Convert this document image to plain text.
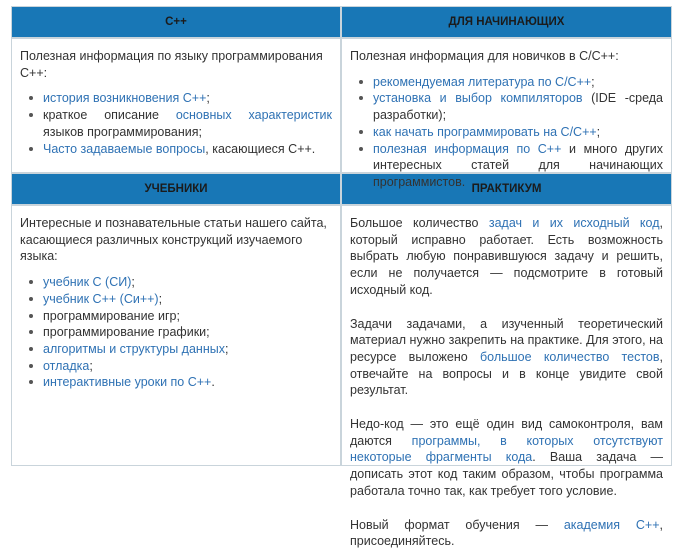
C++	ДЛЯ НАЧИНАЮЩИХ

Полезная информация по языку программирования C++:

история возникновения C++;
краткое описание основных характеристик языков программирования;
Часто задаваемые вопросы, касающиеся C++.

Полезная информация для новичков в C/C++:

рекомендуемая литература по C/C++;
установка и выбор компиляторов (IDE -среда разработки);
как начать программировать на C/C++;
полезная информация по C++ и много других интересных статей для начинающих программистов.
УЧЕБНИКИ	ПРАКТИКУМ

Интересные и познавательные статьи нашего сайта, касающиеся различных конструкций изучаемого языка:

учебник C (СИ);
учебник C++ (Си++);
программирование игр;
программирование графики;
алгоритмы и структуры данных;
отладка;
интерактивные уроки по C++.

Большое количество задач и их исходный код, который исправно работает. Есть возможность выбрать любую понравившуюся задачу и решить, если не получается — подсмотрите в готовый исходный код.

Задачи задачами, а изученный теоретический материал нужно закрепить на практике. Для этого, на ресурсе выложено большое количество тестов, отвечайте на вопросы и в конце увидите свой результат.

Недо-код — это ещё один вид самоконтроля, вам даются программы, в которых отсутствуют некоторые фрагменты кода. Ваша задача — дописать этот код таким образом, чтобы программа работала точно так, как требует того условие.

Новый формат обучения — академия C++, присоединяйтесь.
